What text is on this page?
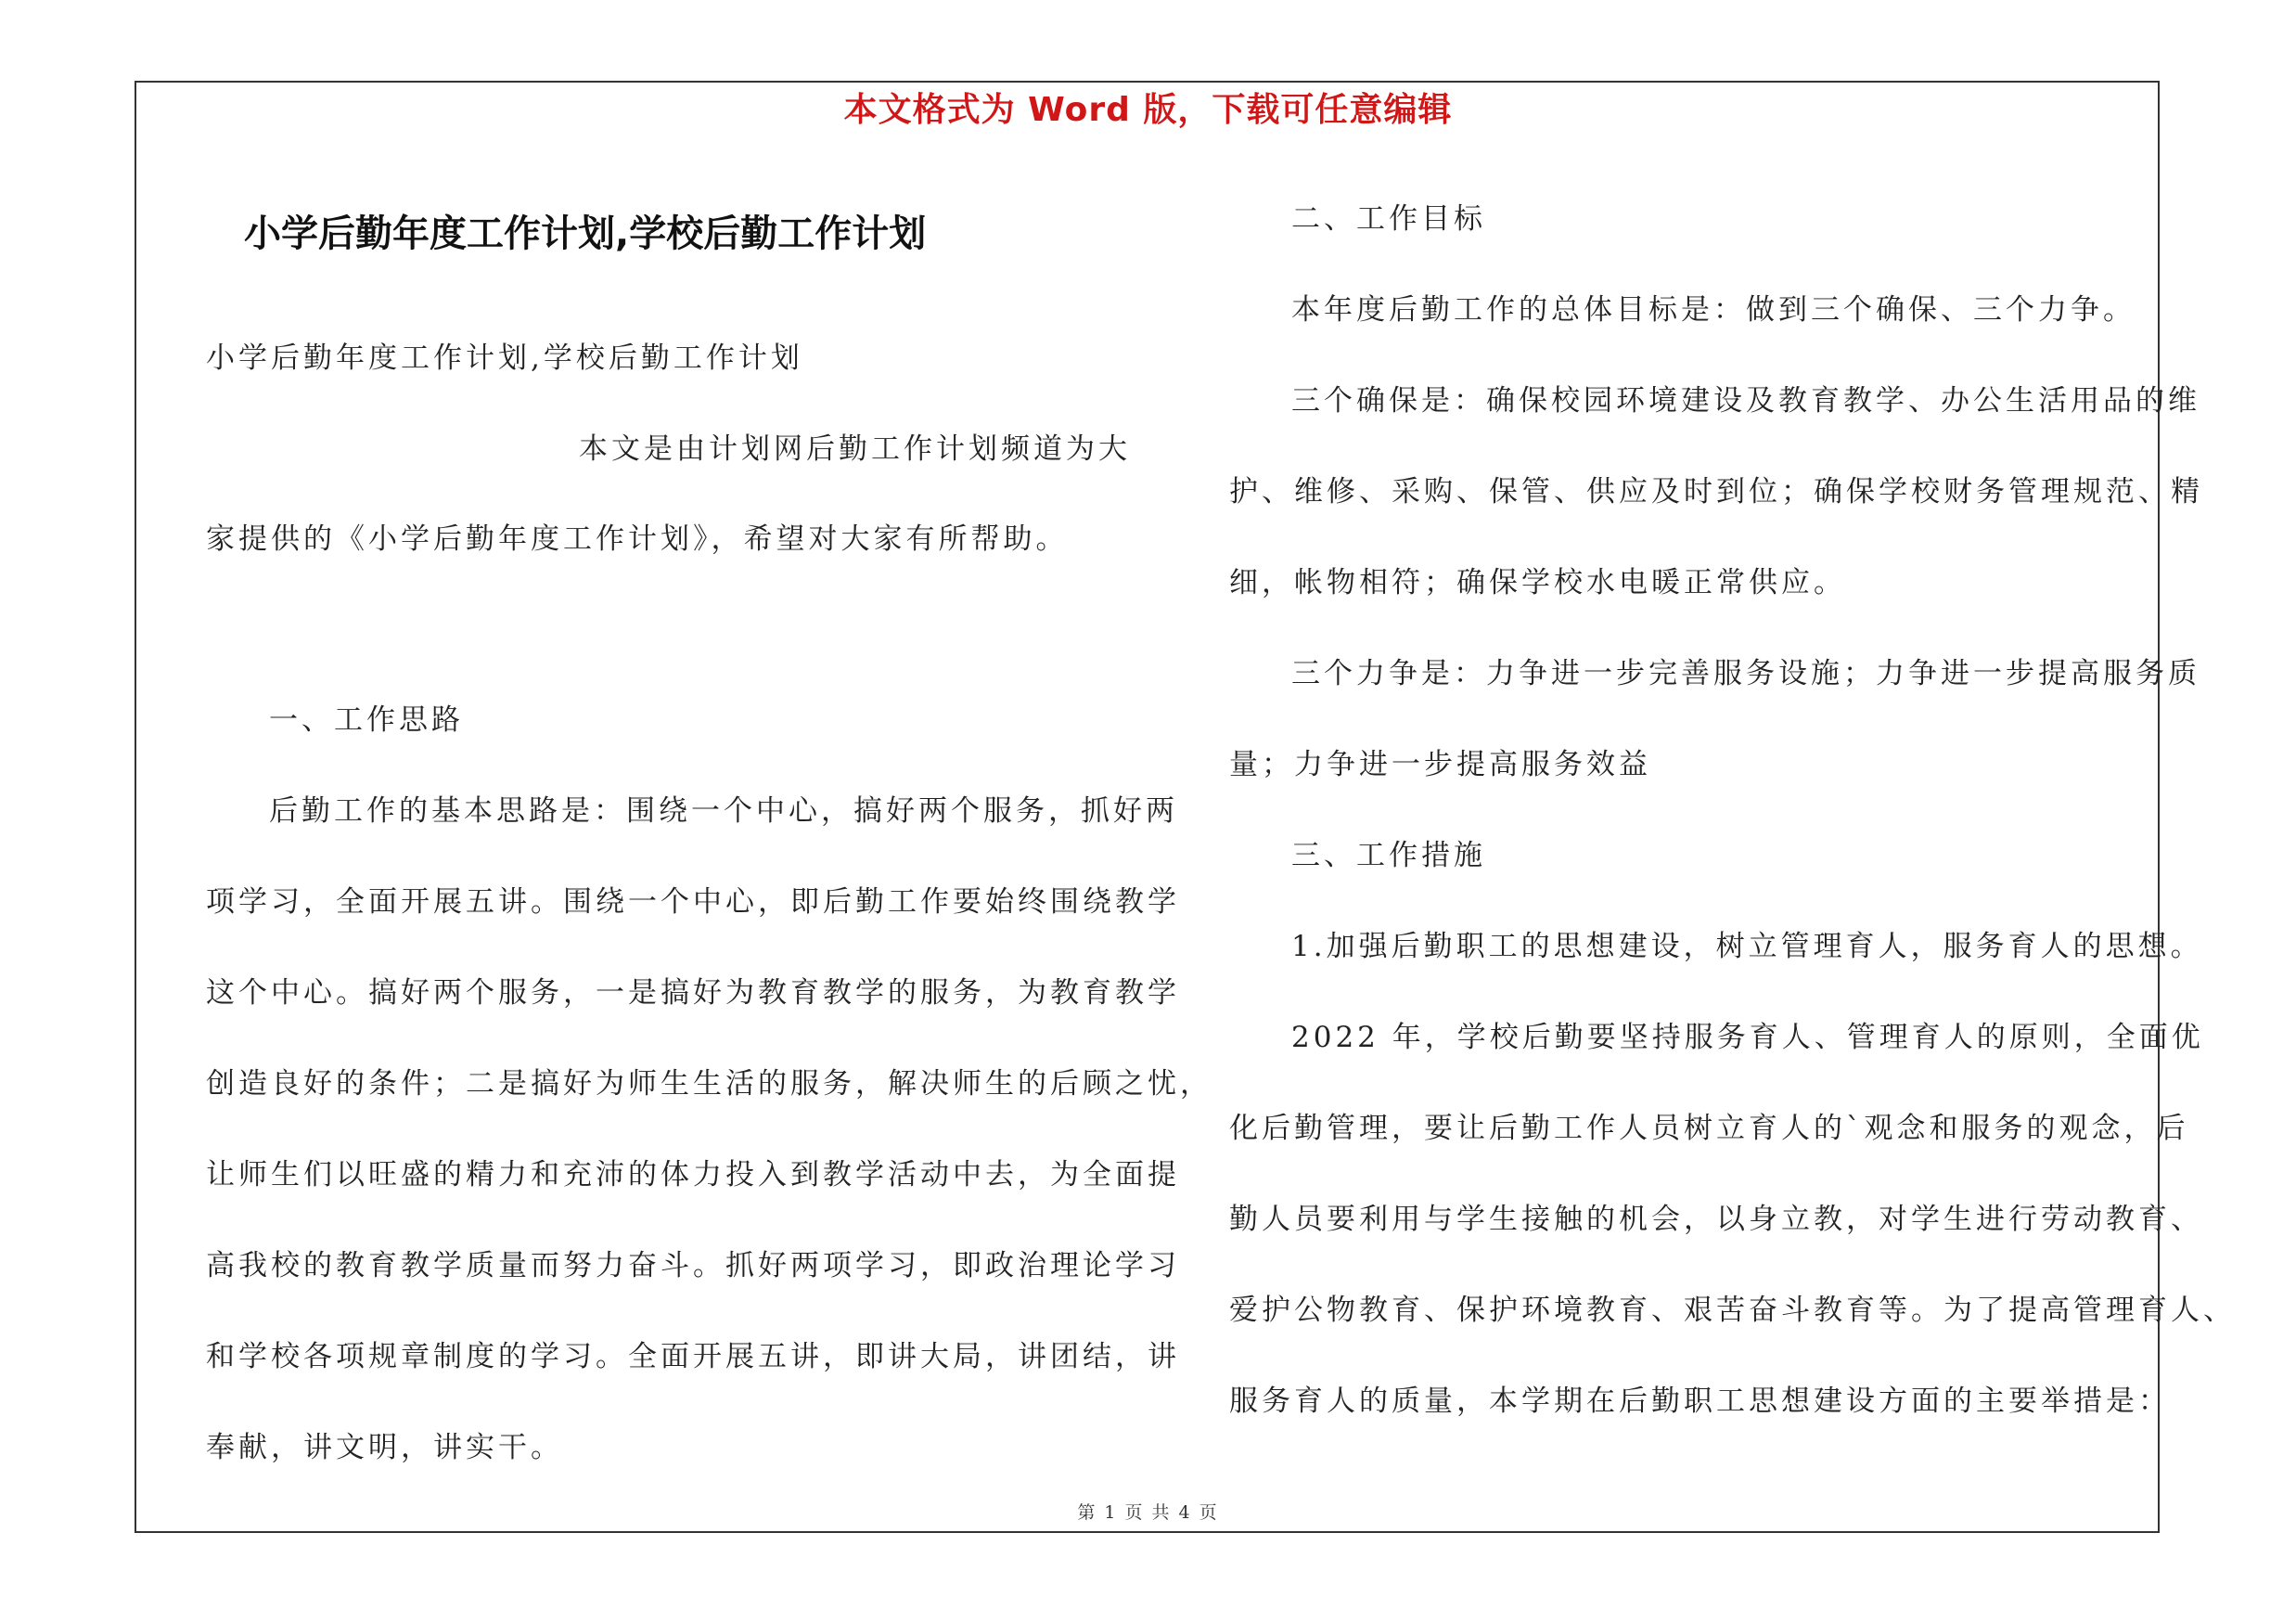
本文格式为 Word 版，下载可任意编辑
小学后勤年度工作计划,学校后勤工作计划
小学后勤年度工作计划,学校后勤工作计划
本文是由计划网后勤工作计划频道为大
家提供的《小学后勤年度工作计划》，希望对大家有所帮助。
一、工作思路
后勤工作的基本思路是：围绕一个中心，搞好两个服务，抓好两
项学习，全面开展五讲。围绕一个中心，即后勤工作要始终围绕教学
这个中心。搞好两个服务，一是搞好为教育教学的服务，为教育教学
创造良好的条件；二是搞好为师生生活的服务，解决师生的后顾之忧，
让师生们以旺盛的精力和充沛的体力投入到教学活动中去，为全面提
高我校的教育教学质量而努力奋斗。抓好两项学习，即政治理论学习
和学校各项规章制度的学习。全面开展五讲，即讲大局，讲团结，讲
奉献，讲文明，讲实干。
二、工作目标
本年度后勤工作的总体目标是：做到三个确保、三个力争。
三个确保是：确保校园环境建设及教育教学、办公生活用品的维
护、维修、采购、保管、供应及时到位；确保学校财务管理规范、精
细，帐物相符；确保学校水电暖正常供应。
三个力争是：力争进一步完善服务设施；力争进一步提高服务质
量；力争进一步提高服务效益
三、工作措施
1.加强后勤职工的思想建设，树立管理育人，服务育人的思想。
2022 年，学校后勤要坚持服务育人、管理育人的原则，全面优
化后勤管理，要让后勤工作人员树立育人的`观念和服务的观念，后
勤人员要利用与学生接触的机会，以身立教，对学生进行劳动教育、
爱护公物教育、保护环境教育、艰苦奋斗教育等。为了提高管理育人、
服务育人的质量，本学期在后勤职工思想建设方面的主要举措是：
第 1 页 共 4 页
